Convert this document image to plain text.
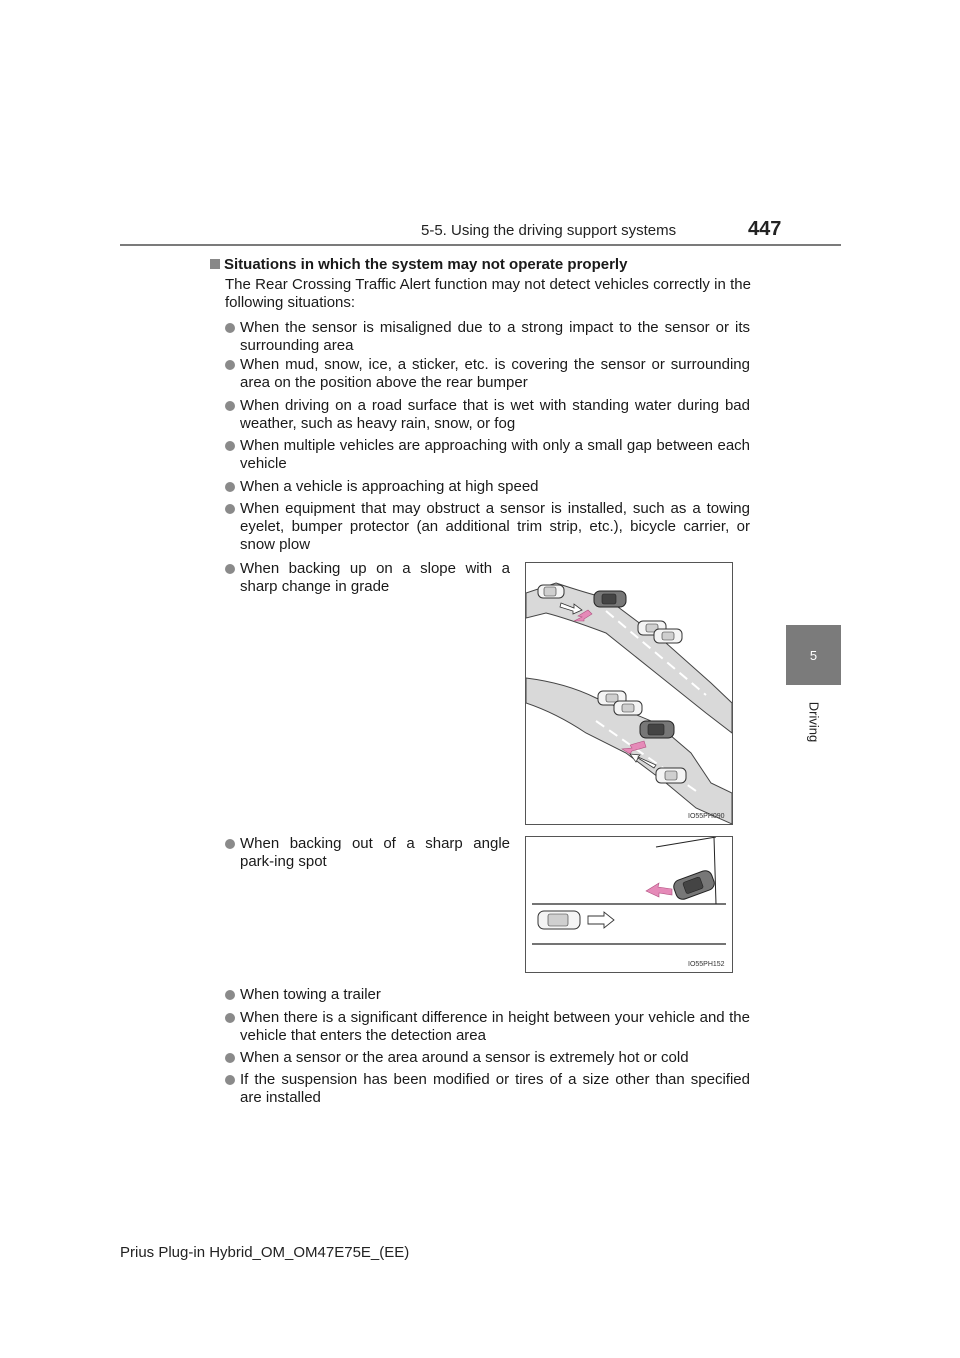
5-5. Using the driving support systems	447
5
Driving
Situations in which the system may not operate properly
The Rear Crossing Traffic Alert function may not detect vehicles correctly in the following situations:
When the sensor is misaligned due to a strong impact to the sensor or its surrounding area
When mud, snow, ice, a sticker, etc. is covering the sensor or surrounding area on the position above the rear bumper
When driving on a road surface that is wet with standing water during bad weather, such as heavy rain, snow, or fog
When multiple vehicles are approaching with only a small gap between each vehicle
When a vehicle is approaching at high speed
When equipment that may obstruct a sensor is installed, such as a towing eyelet, bumper protector (an additional trim strip, etc.), bicycle carrier, or snow plow
When backing up on a slope with a sharp change in grade
IO55PH090
When backing out of a sharp angle park-ing spot
IO55PH152
When towing a trailer
When there is a significant difference in height between your vehicle and the vehicle that enters the detection area
When a sensor or the area around a sensor is extremely hot or cold
If the suspension has been modified or tires of a size other than specified are installed
Prius Plug-in Hybrid_OM_OM47E75E_(EE)
